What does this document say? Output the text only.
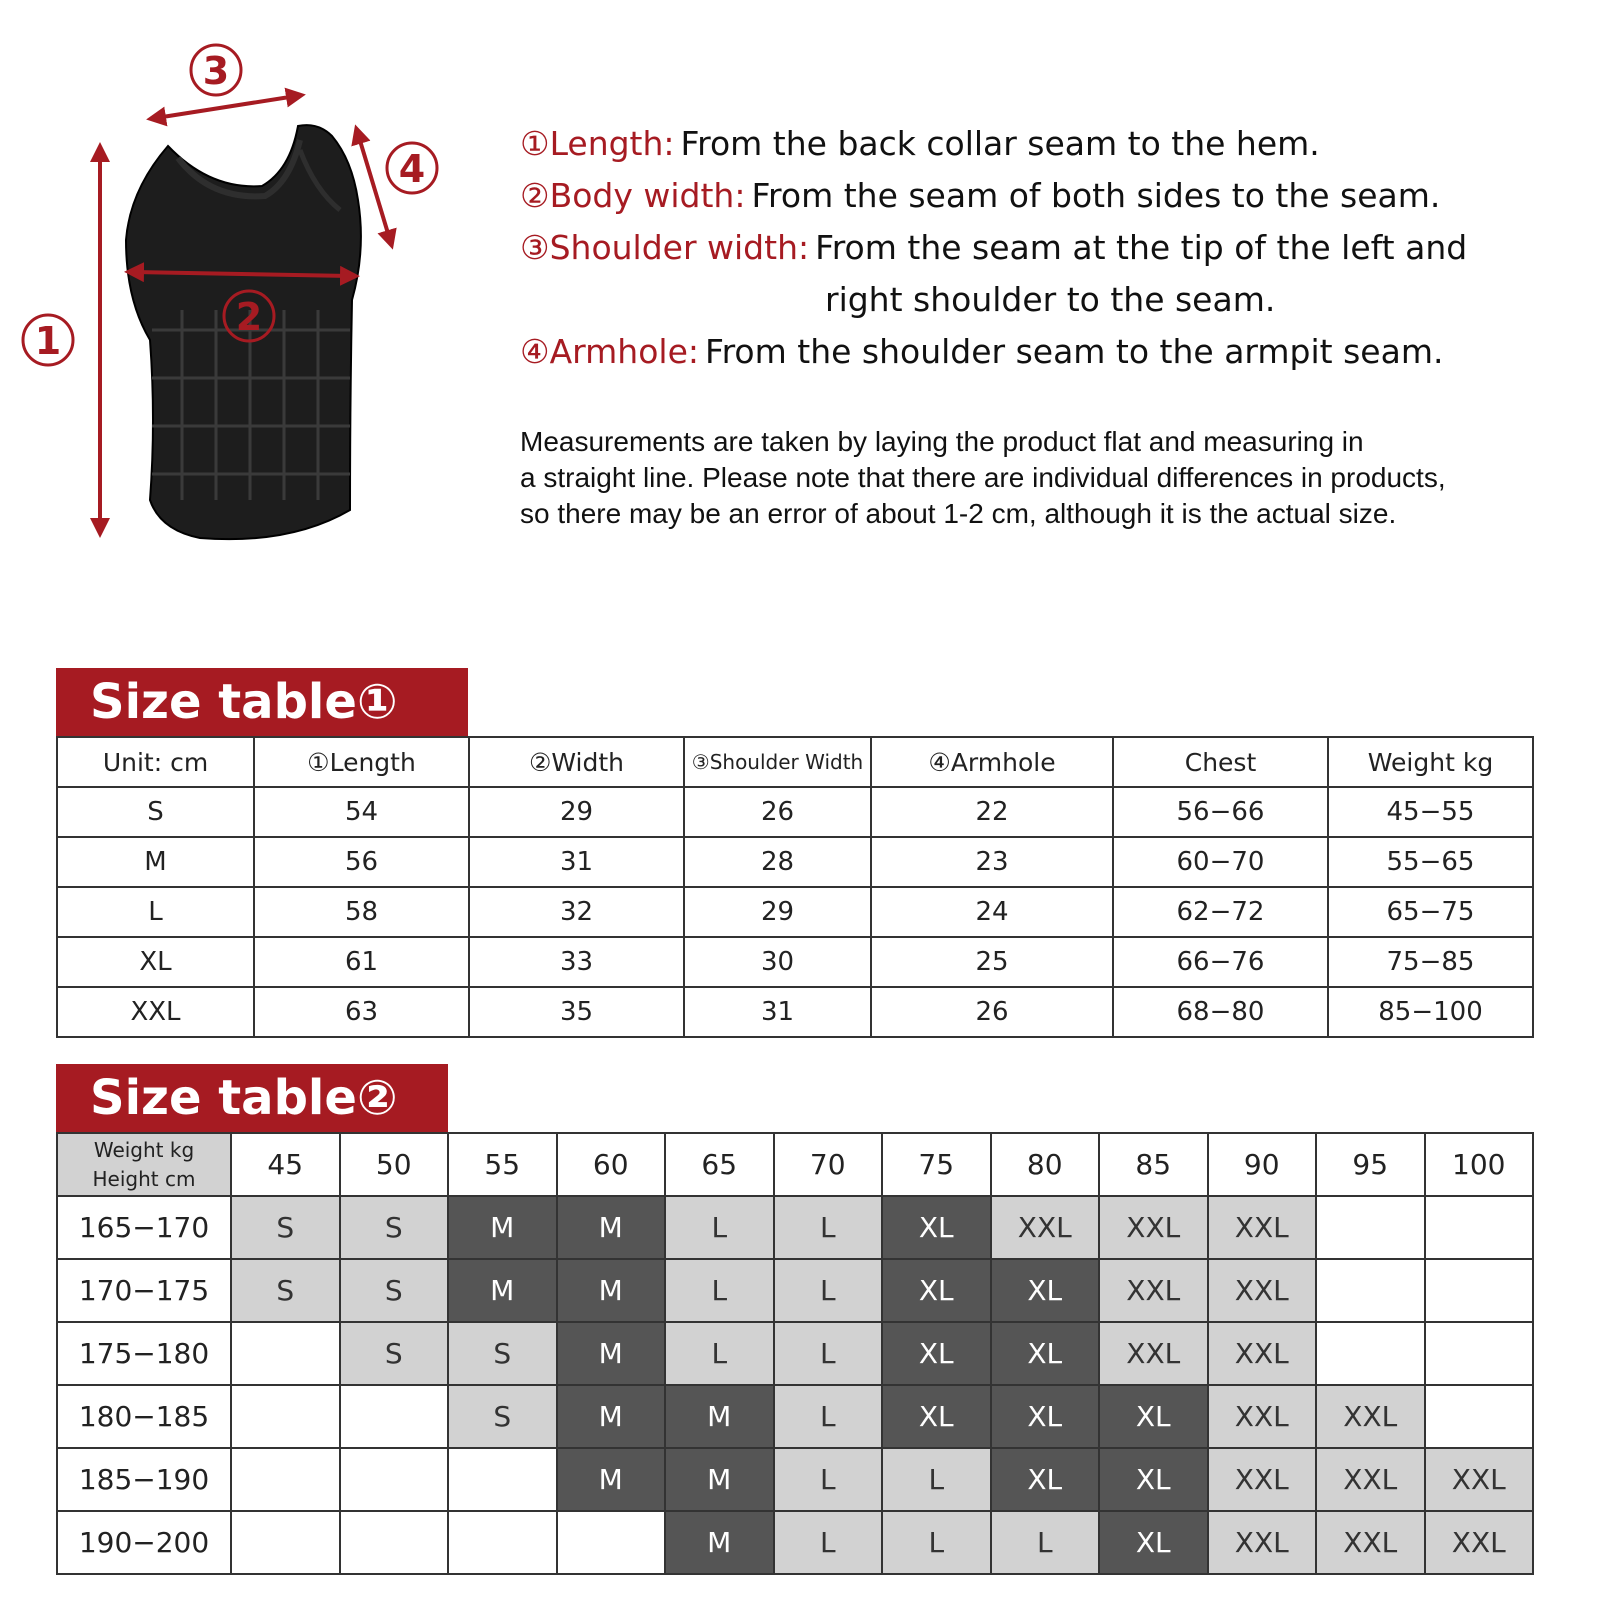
1
2
3
4
①Length : From the back collar seam to the hem.
②Body width : From the seam of both sides to the seam.
③Shoulder width : From the seam at the tip of the left and
right shoulder to the seam.
④Armhole : From the shoulder seam to the armpit seam.
Measurements are taken by laying the product flat and measuring in
a straight line. Please note that there are individual differences in products,
so there may be an error of about 1-2 cm, although it is the actual size.
Size table①
Unit: cm	①Length	②Width	③Shoulder Width	④Armhole	Chest	Weight kg
S	54	29	26	22	56−66	45−55
M	56	31	28	23	60−70	55−65
L	58	32	29	24	62−72	65−75
XL	61	33	30	25	66−76	75−85
XXL	63	35	31	26	68−80	85−100
Size table②
Weight kg
Height cm	45	50	55	60	65	70	75	80	85	90	95	100
165−170	S	S	M	M	L	L	XL	XXL	XXL	XXL		
170−175	S	S	M	M	L	L	XL	XL	XXL	XXL		
175−180		S	S	M	L	L	XL	XL	XXL	XXL		
180−185			S	M	M	L	XL	XL	XL	XXL	XXL	
185−190				M	M	L	L	XL	XL	XXL	XXL	XXL
190−200					M	L	L	L	XL	XXL	XXL	XXL
